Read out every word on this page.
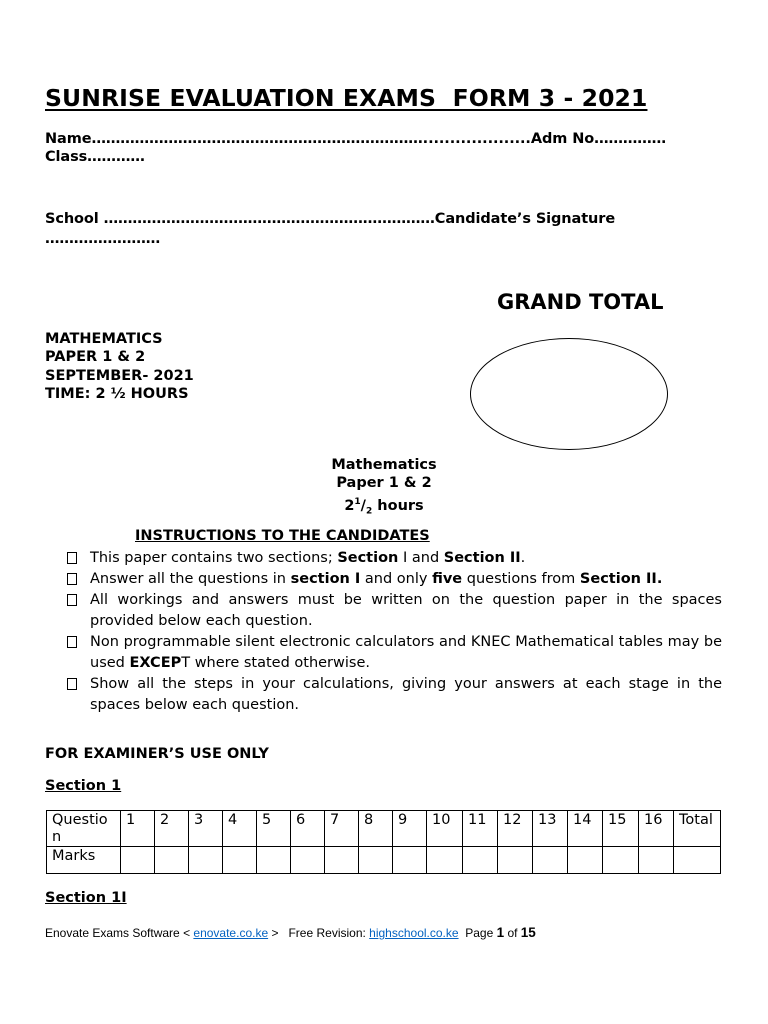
SUNRISE EVALUATION EXAMS  FORM 3 - 2021
Name……………………………………………………………....................Adm No……………
Class…………
School ……………………………………………………………Candidate’s Signature
……………………
GRAND TOTAL
MATHEMATICS
PAPER 1 & 2
SEPTEMBER- 2021
TIME: 2 ½ HOURS
Mathematics
Paper 1 & 2
$2^1/_2$ hours
INSTRUCTIONS TO THE CANDIDATES
This paper contains two sections; Section I and Section II.
Answer all the questions in section I and only five questions from Section II.
All workings and answers must be written on the question paper in the spaces provided below each question.
Non programmable silent electronic calculators and KNEC Mathematical tables may be used EXCEPT where stated otherwise.
Show all the steps in your calculations, giving your answers at each stage in the spaces below each question.
FOR EXAMINER’S USE ONLY
Section 1
Question	1	2	3	4	5	6	7	8	9	10	11	12	13	14	15	16	Total
Marks																	
Section 1I
Enovate Exams Software < enovate.co.ke >   Free Revision: highschool.co.ke  Page 1 of 15
